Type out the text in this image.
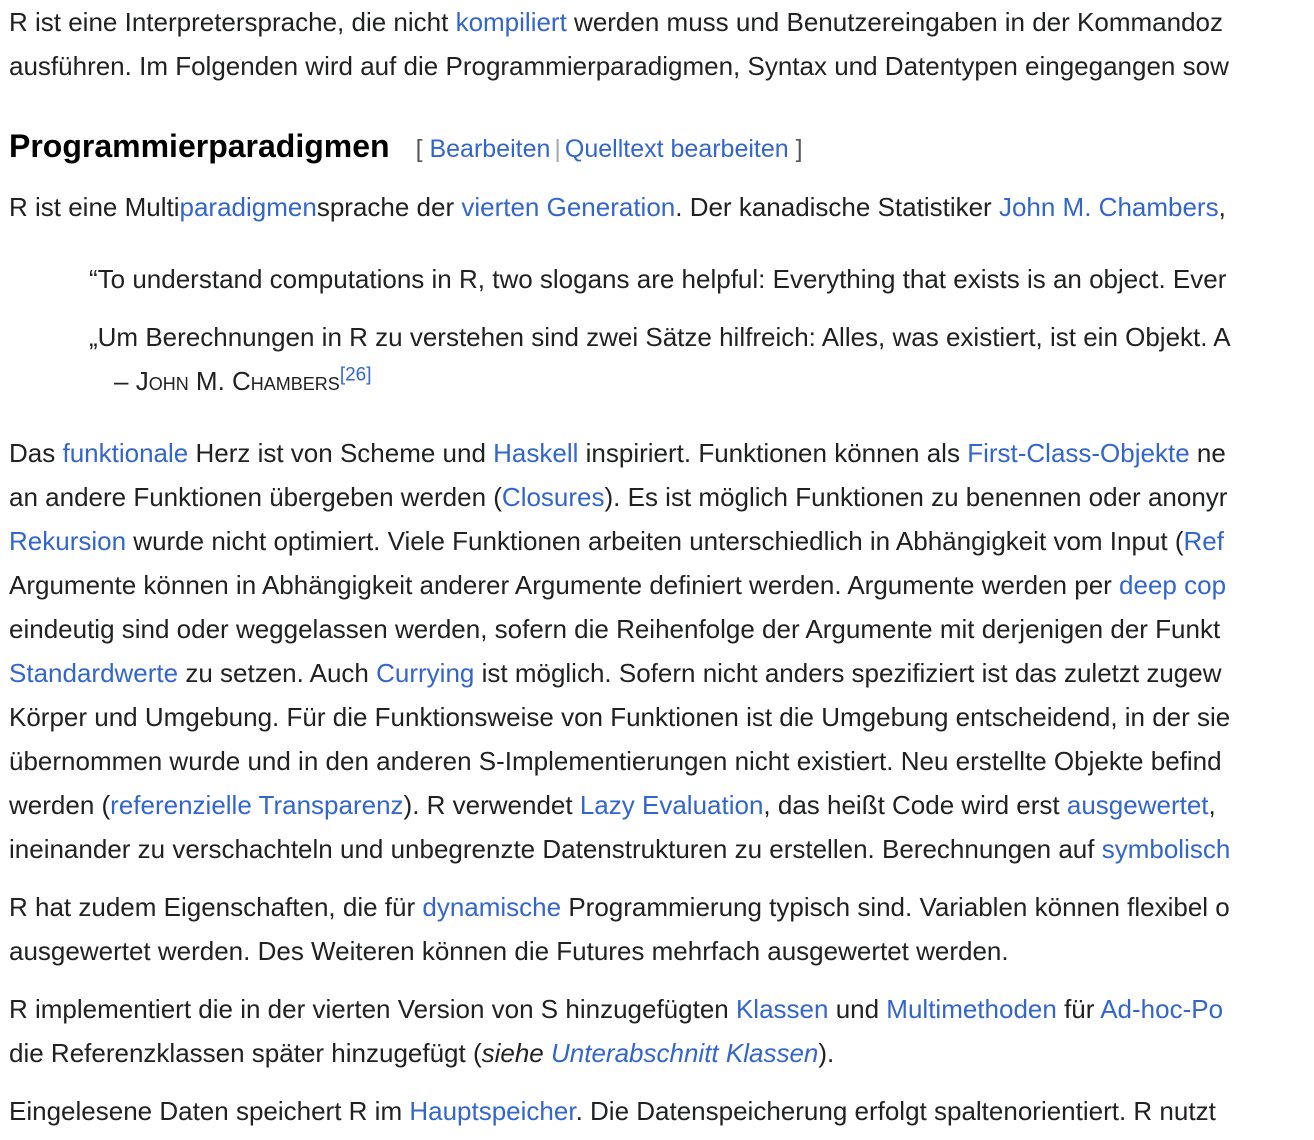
R ist eine Interpretersprache, die nicht kompiliert werden muss und Benutzereingaben in der Kommandoz
ausführen. Im Folgenden wird auf die Programmierparadigmen, Syntax und Datentypen eingegangen sow
Programmierparadigmen [ Bearbeiten | Quelltext bearbeiten ]
R ist eine Multiparadigmensprache der vierten Generation. Der kanadische Statistiker John M. Chambers,
“To understand computations in R, two slogans are helpful: Everything that exists is an object. Ever
„Um Berechnungen in R zu verstehen sind zwei Sätze hilfreich: Alles, was existiert, ist ein Objekt. A
– John M. Chambers[26]
Das funktionale Herz ist von Scheme und Haskell inspiriert. Funktionen können als First-Class-Objekte ne
an andere Funktionen übergeben werden (Closures). Es ist möglich Funktionen zu benennen oder anonyr
Rekursion wurde nicht optimiert. Viele Funktionen arbeiten unterschiedlich in Abhängigkeit vom Input (Ref
Argumente können in Abhängigkeit anderer Argumente definiert werden. Argumente werden per deep cop
eindeutig sind oder weggelassen werden, sofern die Reihenfolge der Argumente mit derjenigen der Funkt
Standardwerte zu setzen. Auch Currying ist möglich. Sofern nicht anders spezifiziert ist das zuletzt zugew
Körper und Umgebung. Für die Funktionsweise von Funktionen ist die Umgebung entscheidend, in der sie
übernommen wurde und in den anderen S-Implementierungen nicht existiert. Neu erstellte Objekte befind
werden (referenzielle Transparenz). R verwendet Lazy Evaluation, das heißt Code wird erst ausgewertet,
ineinander zu verschachteln und unbegrenzte Datenstrukturen zu erstellen. Berechnungen auf symbolisch
R hat zudem Eigenschaften, die für dynamische Programmierung typisch sind. Variablen können flexibel o
ausgewertet werden. Des Weiteren können die Futures mehrfach ausgewertet werden.
R implementiert die in der vierten Version von S hinzugefügten Klassen und Multimethoden für Ad-hoc-Po
die Referenzklassen später hinzugefügt (siehe Unterabschnitt Klassen).
Eingelesene Daten speichert R im Hauptspeicher. Die Datenspeicherung erfolgt spaltenorientiert. R nutzt
